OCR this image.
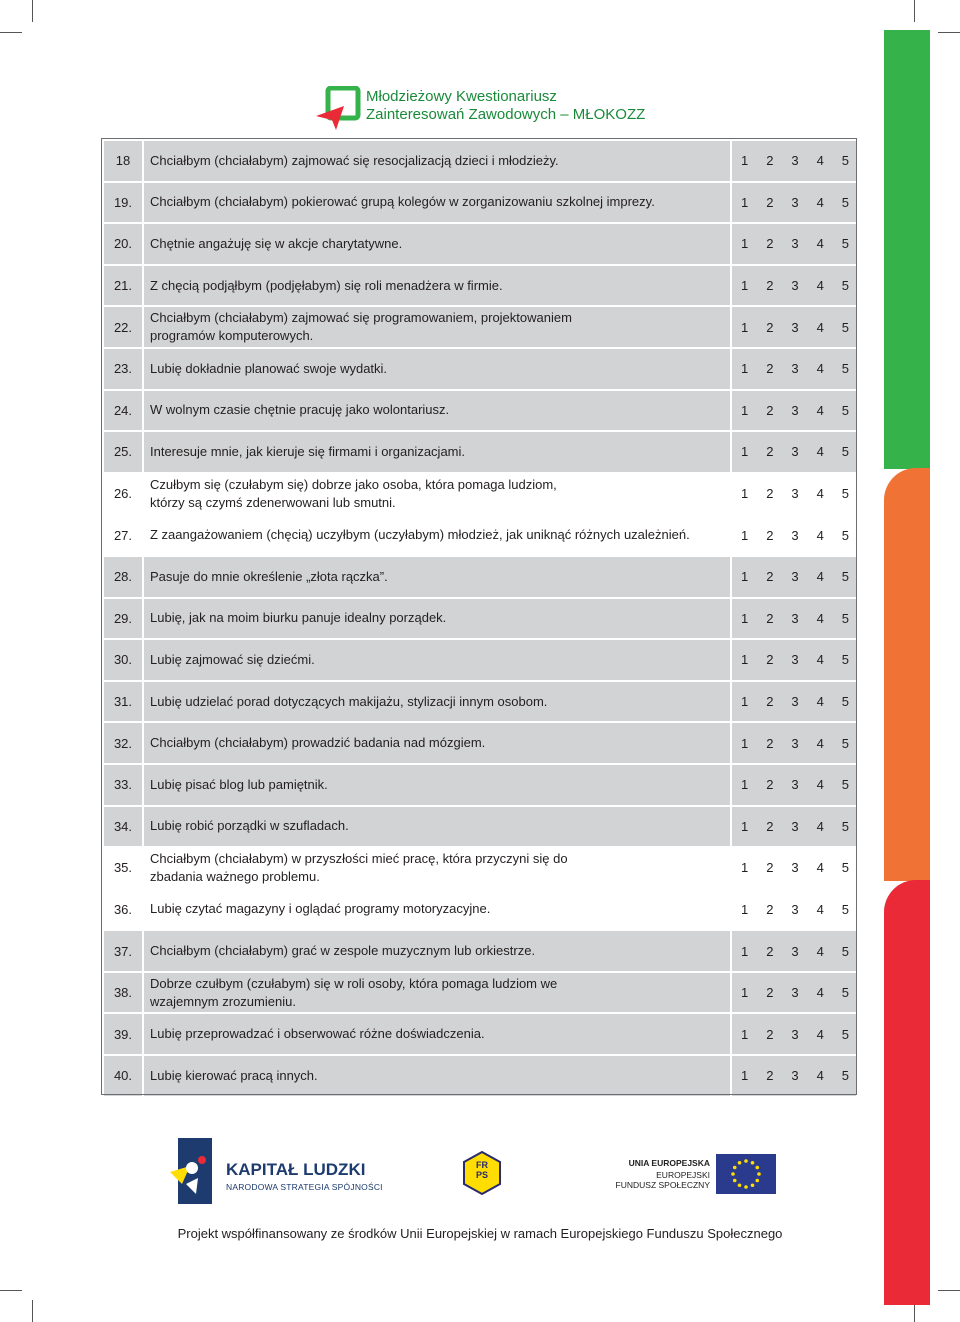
Młodzieżowy Kwestionariusz
Zainteresowań Zawodowych – MŁOKOZZ
18	Chciałbym (chciałabym) zajmować się resocjalizacją dzieci i młodzieży.	1 2 3 4 5

19.	Chciałbym (chciałabym) pokierować grupą kolegów w zorganizowaniu szkolnej imprezy.	1 2 3 4 5

20.	Chętnie angażuję się w akcje charytatywne.	1 2 3 4 5

21.	Z chęcią podjąłbym (podjęłabym) się roli menadżera w firmie.	1 2 3 4 5

22.	Chciałbym (chciałabym) zajmować się programowaniem, projektowaniem programów komputerowych.	1 2 3 4 5

23.	Lubię dokładnie planować swoje wydatki.	1 2 3 4 5

24.	W wolnym czasie chętnie pracuję jako wolontariusz.	1 2 3 4 5

25.	Interesuje mnie, jak kieruje się firmami i organizacjami.	1 2 3 4 5

26.	Czułbym się (czułabym się) dobrze jako osoba, która pomaga ludziom, którzy są czymś zdenerwowani lub smutni.	1 2 3 4 5

27.	Z zaangażowaniem (chęcią) uczyłbym (uczyłabym) młodzież, jak uniknąć różnych uzależnień.	1 2 3 4 5

28.	Pasuje do mnie określenie „złota rączka”.	1 2 3 4 5

29.	Lubię, jak na moim biurku panuje idealny porządek.	1 2 3 4 5

30.	Lubię zajmować się dziećmi.	1 2 3 4 5

31.	Lubię udzielać porad dotyczących makijażu, stylizacji innym osobom.	1 2 3 4 5

32.	Chciałbym (chciałabym) prowadzić badania nad mózgiem.	1 2 3 4 5

33.	Lubię pisać blog lub pamiętnik.	1 2 3 4 5

34.	Lubię robić porządki w szufladach.	1 2 3 4 5

35.	Chciałbym (chciałabym) w przyszłości mieć pracę, która przyczyni się do zbadania ważnego problemu.	1 2 3 4 5

36.	Lubię czytać magazyny i oglądać programy motoryzacyjne.	1 2 3 4 5

37.	Chciałbym (chciałabym) grać w zespole muzycznym lub orkiestrze.	1 2 3 4 5

38.	Dobrze czułbym (czułabym) się w roli osoby, która pomaga ludziom we wzajemnym zrozumieniu.	1 2 3 4 5

39.	Lubię przeprowadzać i obserwować różne doświadczenia.	1 2 3 4 5

40.	Lubię kierować pracą innych.	1 2 3 4 5
KAPITAŁ LUDZKI
NARODOWA STRATEGIA SPÓJNOŚCI
FR
PS
UNIA EUROPEJSKA
EUROPEJSKI
FUNDUSZ SPOŁECZNY
Projekt współfinansowany ze środków Unii Europejskiej w ramach Europejskiego Funduszu Społecznego
